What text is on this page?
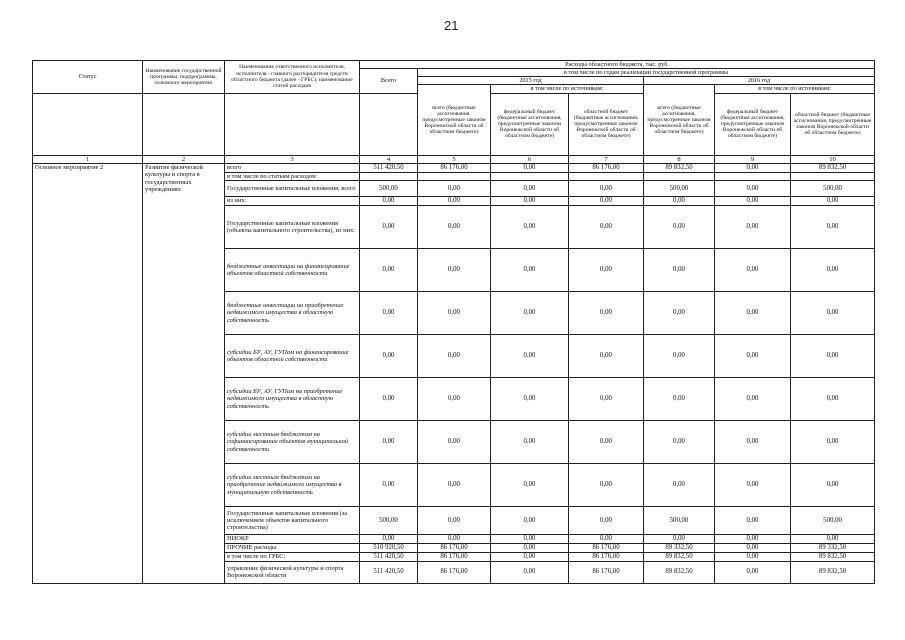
21
Статус	Наименование государственной программы, подпрограммы, основного мероприятия	Наименование ответственного исполнителя, исполнителя - главного распорядителя средств областного бюджета (далее - ГРБС), наименование статей расходов	Расходы областного бюджета, тыс. руб.						
			Всего	в том числе по годам реализации государственной программы					
				2015 год			2016 год		
				всего (бюджетные ассигнования, предусмотренные законом Воронежской области об областном бюджете)	в том числе по источникам:		всего (бюджетные ассигнования, предусмотренные законом Воронежской области об областном бюджете)	в том числе по источникам:	
					федеральный бюджет (бюджетные ассигнования, предусмотренные законом Воронежской области об областном бюджете)	областной бюджет (бюджетные ассигнования, предусмотренные законом Воронежской области об областном бюджете)		федеральный бюджет (бюджетные ассигнования, предусмотренные законом Воронежской области об областном бюджете)	областной бюджет (бюджетные ассигнования, предусмотренные законом Воронежской области об областном бюджете)
1	2	3	4	5	6	7	8	9	10
Основное мероприятие 2	Развитие физической культуры и спорта в государственных учреждениях	всего	511 420,50	86 176,00	0,00	86 176,00	89 832,50	0,00	89 832,50
		в том числе по статьям расходов:							
		Государственные капитальные вложения, всего	500,00	0,00	0,00	0,00	500,00	0,00	500,00
		из них:	0,00	0,00	0,00	0,00	0,00	0,00	0,00
		Государственные капитальные вложения (объекты капитального строительства), из них:	0,00	0,00	0,00	0,00	0,00	0,00	0,00
		бюджетные инвестиции на финансирование объектов областной собственности	0,00	0,00	0,00	0,00	0,00	0,00	0,00
		бюджетные инвестиции на приобретение недвижимого имущества в областную собственность	0,00	0,00	0,00	0,00	0,00	0,00	0,00
		субсидии БУ, АУ, ГУПам на финансирование объектов областной собственности	0,00	0,00	0,00	0,00	0,00	0,00	0,00
		субсидии БУ, АУ, ГУПам на приобретение недвижимого имущества в областную собственность	0,00	0,00	0,00	0,00	0,00	0,00	0,00
		субсидии местным бюджетам на софинансирование объектов муниципальной собственности	0,00	0,00	0,00	0,00	0,00	0,00	0,00
		субсидии местным бюджетам на приобретение недвижимого имущества в муниципальную собственность	0,00	0,00	0,00	0,00	0,00	0,00	0,00
		Государственные капитальные вложения (за исключением объектов капитального строительства)	500,00	0,00	0,00	0,00	500,00	0,00	500,00
		НИОКР	0,00	0,00	0,00	0,00	0,00	0,00	0,00
		ПРОЧИЕ расходы	510 920,50	86 176,00	0,00	86 176,00	89 332,50	0,00	89 332,50
		в том числе по ГРБС:	511 420,50	86 176,00	0,00	86 176,00	89 832,50	0,00	89 832,50
		управление физической культуры и спорта Воронежской области	511 420,50	86 176,00	0,00	86 176,00	89 832,50	0,00	89 832,50
